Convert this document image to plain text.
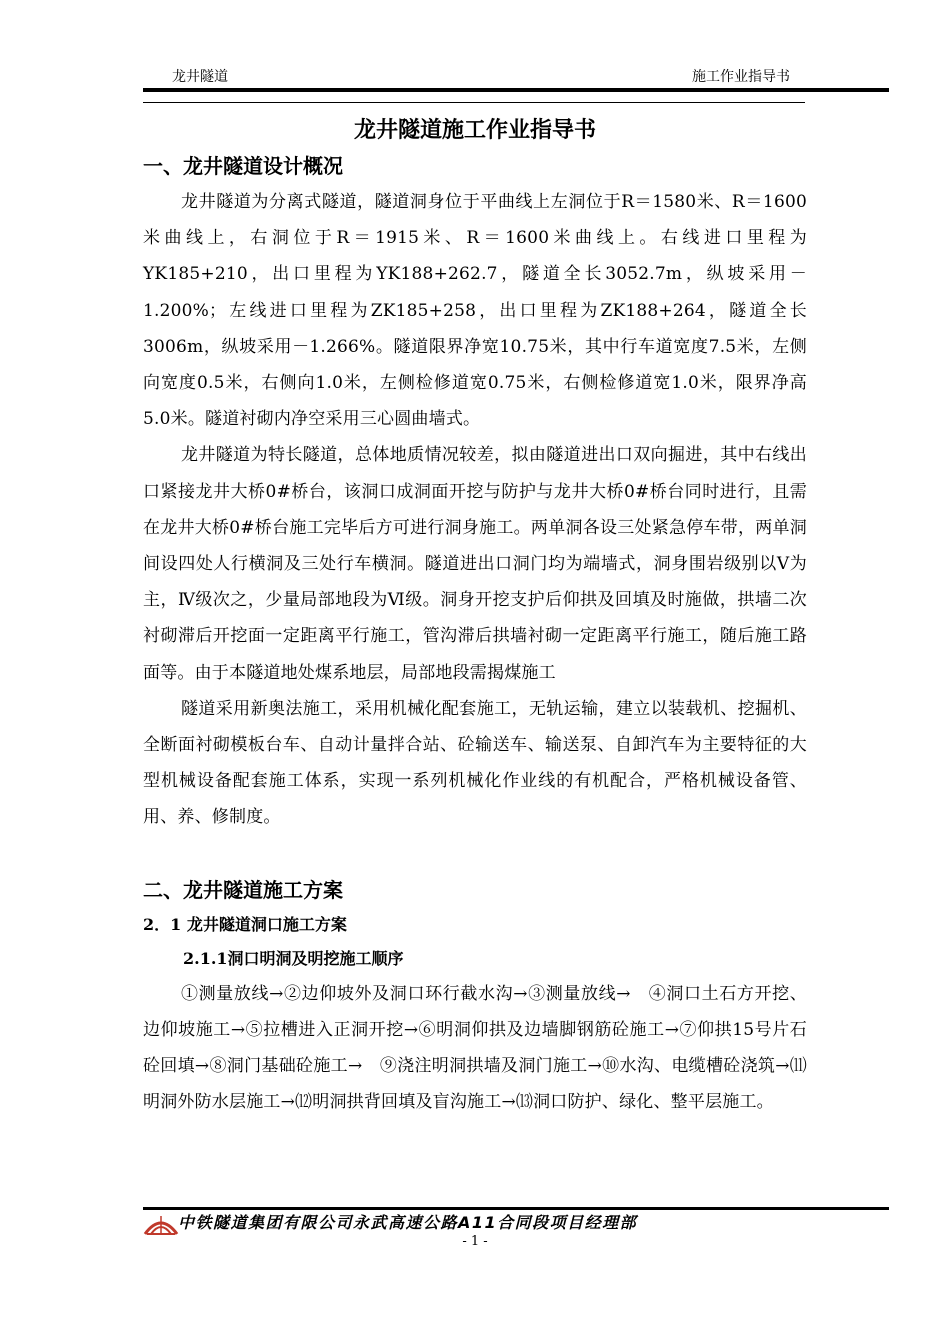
龙井隧道	施工作业指导书

龙井隧道施工作业指导书

一、龙井隧道设计概况

龙井隧道为分离式隧道，隧道洞身位于平曲线上左洞位于R＝1580米、R＝1600米曲线上，右洞位于R＝1915米、R＝1600米曲线上。右线进口里程为YK185+210，出口里程为YK188+262.7，隧道全长3052.7m，纵坡采用－1.200%；左线进口里程为ZK185+258，出口里程为ZK188+264，隧道全长3006m，纵坡采用－1.266%。隧道限界净宽10.75米，其中行车道宽度7.5米，左侧向宽度0.5米，右侧向1.0米，左侧检修道宽0.75米，右侧检修道宽1.0米，限界净高5.0米。隧道衬砌内净空采用三心圆曲墙式。

龙井隧道为特长隧道，总体地质情况较差，拟由隧道进出口双向掘进，其中右线出口紧接龙井大桥0#桥台，该洞口成洞面开挖与防护与龙井大桥0#桥台同时进行，且需在龙井大桥0#桥台施工完毕后方可进行洞身施工。两单洞各设三处紧急停车带，两单洞间设四处人行横洞及三处行车横洞。隧道进出口洞门均为端墙式，洞身围岩级别以Ⅴ为主，Ⅳ级次之，少量局部地段为Ⅵ级。洞身开挖支护后仰拱及回填及时施做，拱墙二次衬砌滞后开挖面一定距离平行施工，管沟滞后拱墙衬砌一定距离平行施工，随后施工路面等。由于本隧道地处煤系地层，局部地段需揭煤施工

隧道采用新奥法施工，采用机械化配套施工，无轨运输，建立以装载机、挖掘机、全断面衬砌模板台车、自动计量拌合站、砼输送车、输送泵、自卸汽车为主要特征的大型机械设备配套施工体系，实现一系列机械化作业线的有机配合，严格机械设备管、用、养、修制度。

二、龙井隧道施工方案

2．1 龙井隧道洞口施工方案

2.1.1洞口明洞及明挖施工顺序

①测量放线→②边仰坡外及洞口环行截水沟→③测量放线→　④洞口土石方开挖、边仰坡施工→⑤拉槽进入正洞开挖→⑥明洞仰拱及边墙脚钢筋砼施工→⑦仰拱15号片石砼回填→⑧洞门基础砼施工→　⑨浇注明洞拱墙及洞门施工→⑩水沟、电缆槽砼浇筑→⑾明洞外防水层施工→⑿明洞拱背回填及盲沟施工→⒀洞口防护、绿化、整平层施工。

中铁隧道集团有限公司永武高速公路A11合同段项目经理部
- 1 -
